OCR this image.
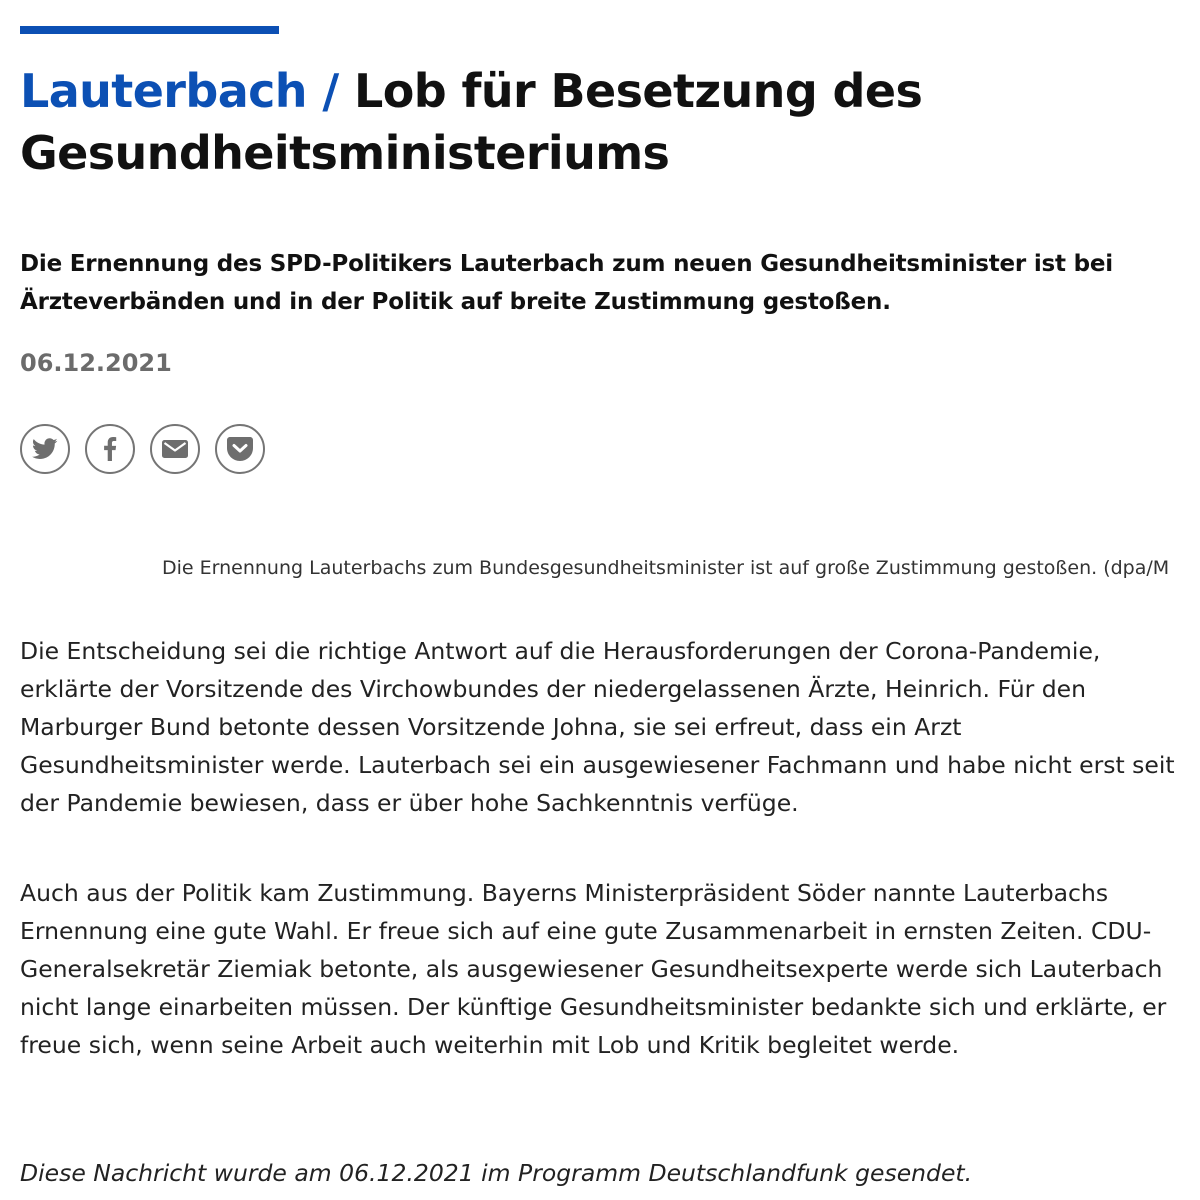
Lauterbach / Lob für Besetzung des Gesundheitsministeriums

Die Ernennung des SPD-Politikers Lauterbach zum neuen Gesundheitsminister ist bei Ärzteverbänden und in der Politik auf breite Zustimmung gestoßen.

06.12.2021
Die Ernennung Lauterbachs zum Bundesgesundheitsminister ist auf große Zustimmung gestoßen. (dpa/M

Die Entscheidung sei die richtige Antwort auf die Herausforderungen der Corona-Pandemie, erklärte der Vorsitzende des Virchowbundes der niedergelassenen Ärzte, Heinrich. Für den Marburger Bund betonte dessen Vorsitzende Johna, sie sei erfreut, dass ein Arzt Gesundheitsminister werde. Lauterbach sei ein ausgewiesener Fachmann und habe nicht erst seit der Pandemie bewiesen, dass er über hohe Sachkenntnis verfüge.

Auch aus der Politik kam Zustimmung. Bayerns Ministerpräsident Söder nannte Lauterbachs Ernennung eine gute Wahl. Er freue sich auf eine gute Zusammenarbeit in ernsten Zeiten. CDU-Generalsekretär Ziemiak betonte, als ausgewiesener Gesundheitsexperte werde sich Lauterbach nicht lange einarbeiten müssen. Der künftige Gesundheitsminister bedankte sich und erklärte, er freue sich, wenn seine Arbeit auch weiterhin mit Lob und Kritik begleitet werde.

Diese Nachricht wurde am 06.12.2021 im Programm Deutschlandfunk gesendet.
